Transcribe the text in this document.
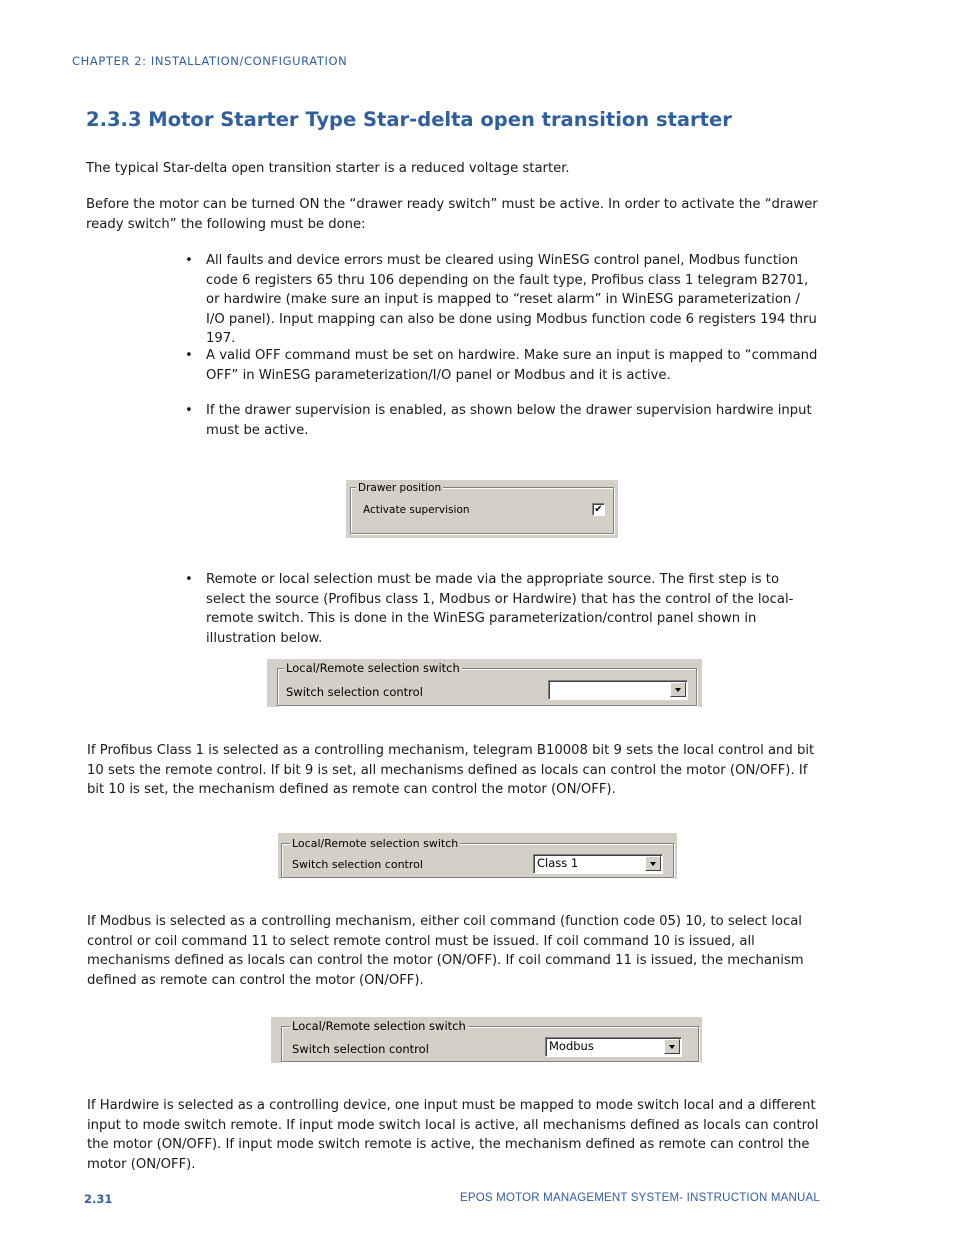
CHAPTER 2: INSTALLATION/CONFIGURATION
2.3.3 Motor Starter Type Star-delta open transition starter

The typical Star-delta open transition starter is a reduced voltage starter.

Before the motor can be turned ON the “drawer ready switch” must be active. In order to activate the “drawer ready switch” the following must be done:

• All faults and device errors must be cleared using WinESG control panel, Modbus function code 6 registers 65 thru 106 depending on the fault type, Profibus class 1 telegram B2701, or hardwire (make sure an input is mapped to “reset alarm” in WinESG parameterization / I/O panel). Input mapping can also be done using Modbus function code 6 registers 194 thru 197.
• A valid OFF command must be set on hardwire. Make sure an input is mapped to “command OFF” in WinESG parameterization/I/O panel or Modbus and it is active.
• If the drawer supervision is enabled, as shown below the drawer supervision hardwire input must be active.
Drawer position
Activate supervision	✔
• Remote or local selection must be made via the appropriate source. The first step is to select the source (Profibus class 1, Modbus or Hardwire) that has the control of the local-remote switch. This is done in the WinESG parameterization/control panel shown in illustration below.
Local/Remote selection switch
Switch selection control

If Profibus Class 1 is selected as a controlling mechanism, telegram B10008 bit 9 sets the local control and bit 10 sets the remote control. If bit 9 is set, all mechanisms defined as locals can control the motor (ON/OFF). If bit 10 is set, the mechanism defined as remote can control the motor (ON/OFF).

Local/Remote selection switch
Switch selection control	Class 1

If Modbus is selected as a controlling mechanism, either coil command (function code 05) 10, to select local control or coil command 11 to select remote control must be issued. If coil command 10 is issued, all mechanisms defined as locals can control the motor (ON/OFF). If coil command 11 is issued, the mechanism defined as remote can control the motor (ON/OFF).

Local/Remote selection switch
Switch selection control	Modbus

If Hardwire is selected as a controlling device, one input must be mapped to mode switch local and a different input to mode switch remote. If input mode switch local is active, all mechanisms defined as locals can control the motor (ON/OFF). If input mode switch remote is active, the mechanism defined as remote can control the motor (ON/OFF).

2.31	EPOS MOTOR MANAGEMENT SYSTEM- INSTRUCTION MANUAL
